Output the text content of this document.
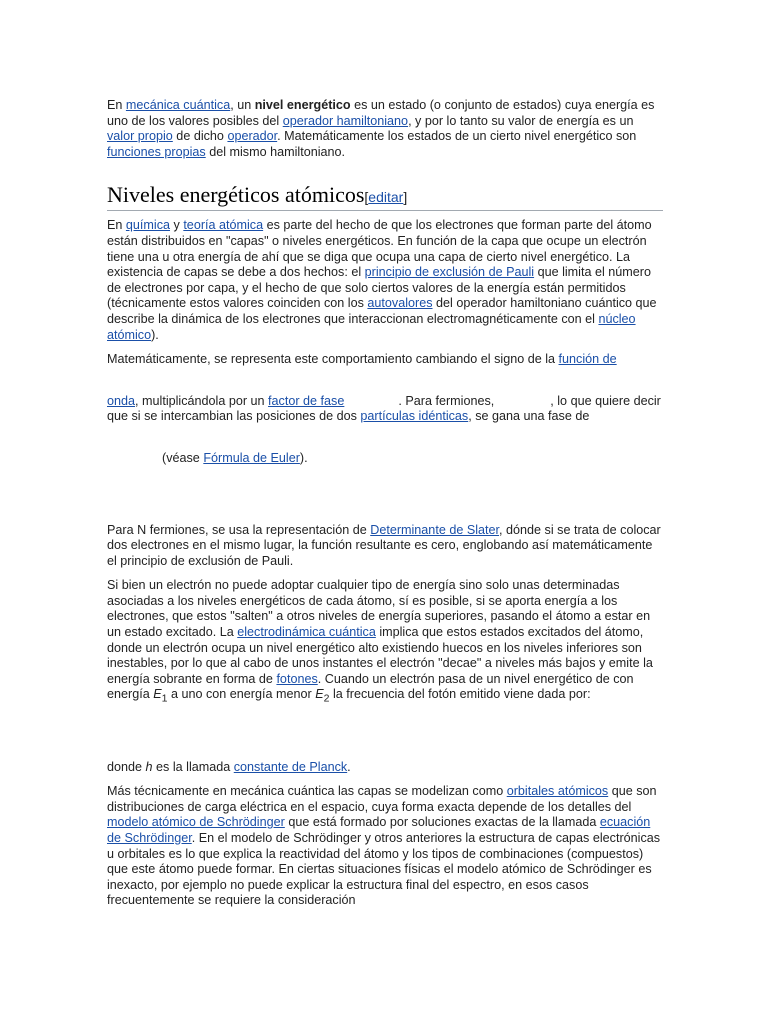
En mecánica cuántica, un nivel energético es un estado (o conjunto de estados) cuya energía es uno de los valores posibles del operador hamiltoniano, y por lo tanto su valor de energía es un valor propio de dicho operador. Matemáticamente los estados de un cierto nivel energético son funciones propias del mismo hamiltoniano.

Niveles energéticos atómicos[editar]

En química y teoría atómica es parte del hecho de que los electrones que forman parte del átomo están distribuidos en "capas" o niveles energéticos. En función de la capa que ocupe un electrón tiene una u otra energía de ahí que se diga que ocupa una capa de cierto nivel energético. La existencia de capas se debe a dos hechos: el principio de exclusión de Pauli que limita el número de electrones por capa, y el hecho de que solo ciertos valores de la energía están permitidos (técnicamente estos valores coinciden con los autovalores del operador hamiltoniano cuántico que describe la dinámica de los electrones que interaccionan electromagnéticamente con el núcleo atómico).

Matemáticamente, se representa este comportamiento cambiando el signo de la función de

onda, multiplicándola por un factor de fase	. Para fermiones,	, lo que quiere decir que si se intercambian las posiciones de dos partículas idénticas, se gana una fase de

(véase Fórmula de Euler).

Para N fermiones, se usa la representación de Determinante de Slater, dónde si se trata de colocar dos electrones en el mismo lugar, la función resultante es cero, englobando así matemáticamente el principio de exclusión de Pauli.

Si bien un electrón no puede adoptar cualquier tipo de energía sino solo unas determinadas asociadas a los niveles energéticos de cada átomo, sí es posible, si se aporta energía a los electrones, que estos "salten" a otros niveles de energía superiores, pasando el átomo a estar en un estado excitado. La electrodinámica cuántica implica que estos estados excitados del átomo, donde un electrón ocupa un nivel energético alto existiendo huecos en los niveles inferiores son inestables, por lo que al cabo de unos instantes el electrón "decae" a niveles más bajos y emite la energía sobrante en forma de fotones. Cuando un electrón pasa de un nivel energético de con energía $E_1$ a uno con energía menor $E_2$ la frecuencia del fotón emitido viene dada por:

donde h es la llamada constante de Planck.

Más técnicamente en mecánica cuántica las capas se modelizan como orbitales atómicos que son distribuciones de carga eléctrica en el espacio, cuya forma exacta depende de los detalles del modelo atómico de Schrödinger que está formado por soluciones exactas de la llamada ecuación de Schrödinger. En el modelo de Schrödinger y otros anteriores la estructura de capas electrónicas u orbitales es lo que explica la reactividad del átomo y los tipos de combinaciones (compuestos) que este átomo puede formar. En ciertas situaciones físicas el modelo atómico de Schrödinger es inexacto, por ejemplo no puede explicar la estructura final del espectro, en esos casos frecuentemente se requiere la consideración
